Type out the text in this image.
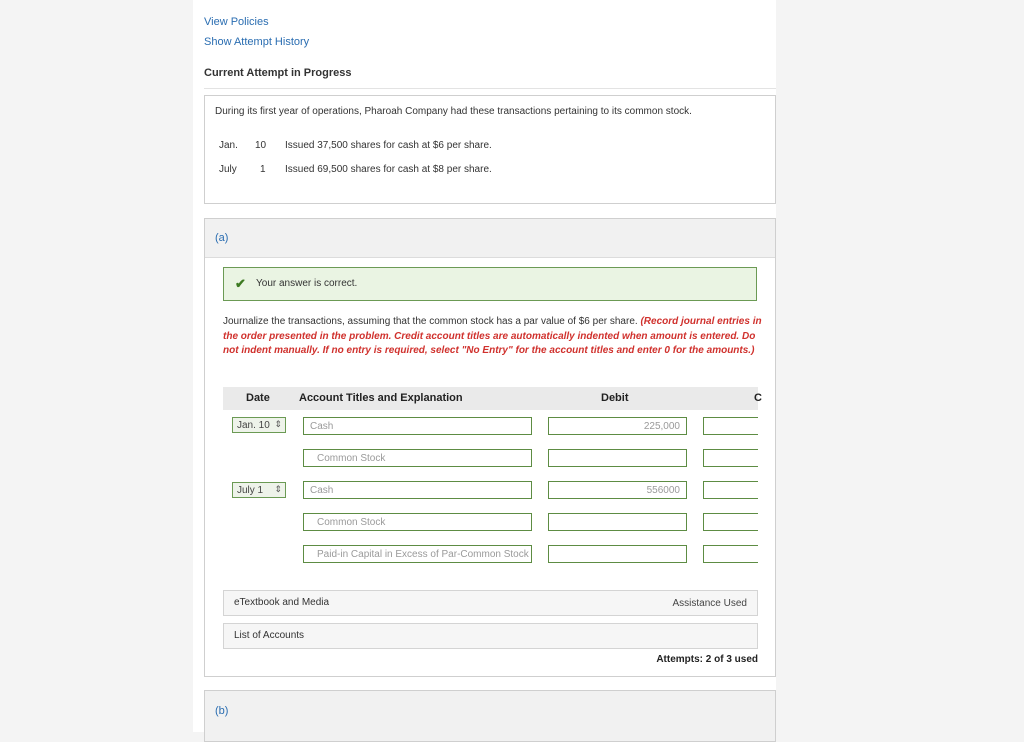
View Policies
Show Attempt History
Current Attempt in Progress
During its first year of operations, Pharoah Company had these transactions pertaining to its common stock.
Jan. 10 Issued 37,500 shares for cash at $6 per share.
July 1 Issued 69,500 shares for cash at $8 per share.
(a)
✔ Your answer is correct.
Journalize the transactions, assuming that the common stock has a par value of $6 per share. (Record journal entries in the order presented in the problem. Credit account titles are automatically indented when amount is entered. Do not indent manually. If no entry is required, select "No Entry" for the account titles and enter 0 for the amounts.)
Date	Account Titles and Explanation	Debit	C
Jan. 10 ⇕	Cash	225,000
Common Stock
July 1 ⇕	Cash	556000
Common Stock
Paid-in Capital in Excess of Par-Common Stock
eTextbook and Media	Assistance Used
List of Accounts
Attempts: 2 of 3 used
(b)
